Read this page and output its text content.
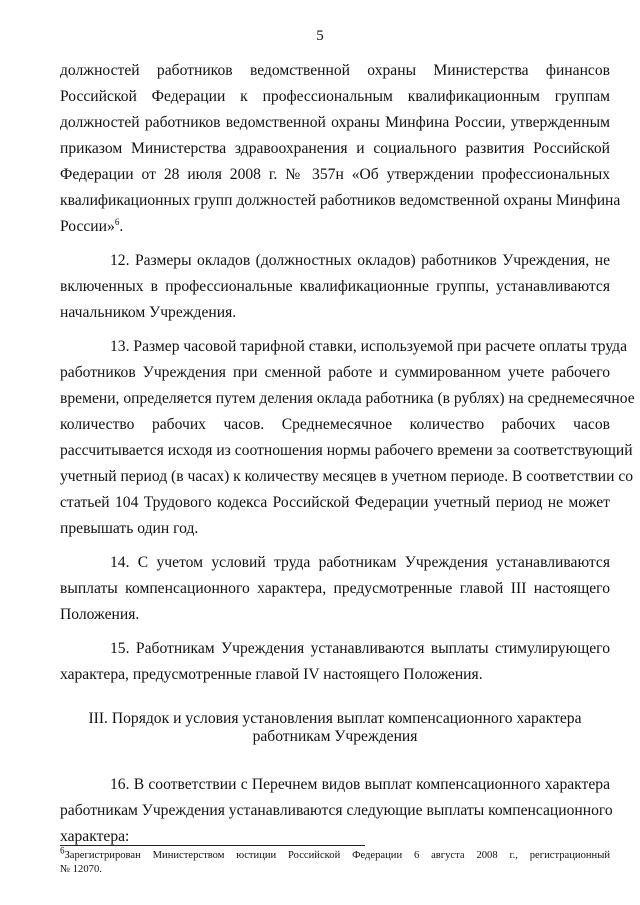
5

должностей работников ведомственной охраны Министерства финансов
Российской Федерации к профессиональным квалификационным группам
должностей работников ведомственной охраны Минфина России, утвержденным
приказом Министерства здравоохранения и социального развития Российской
Федерации от 28 июля 2008 г. № 357н «Об утверждении профессиональных
квалификационных групп должностей работников ведомственной охраны Минфина
России»$^6$.

12. Размеры окладов (должностных окладов) работников Учреждения, не
включенных в профессиональные квалификационные группы, устанавливаются
начальником Учреждения.

13. Размер часовой тарифной ставки, используемой при расчете оплаты труда
работников Учреждения при сменной работе и суммированном учете рабочего
времени, определяется путем деления оклада работника (в рублях) на среднемесячное
количество рабочих часов. Среднемесячное количество рабочих часов
рассчитывается исходя из соотношения нормы рабочего времени за соответствующий
учетный период (в часах) к количеству месяцев в учетном периоде. В соответствии со
статьей 104 Трудового кодекса Российской Федерации учетный период не может
превышать один год.

14. С учетом условий труда работникам Учреждения устанавливаются
выплаты компенсационного характера, предусмотренные главой III настоящего
Положения.

15. Работникам Учреждения устанавливаются выплаты стимулирующего
характера, предусмотренные главой IV настоящего Положения.

III. Порядок и условия установления выплат компенсационного характера
работникам Учреждения

16. В соответствии с Перечнем видов выплат компенсационного характера
работникам Учреждения устанавливаются следующие выплаты компенсационного
характера:

$^6$Зарегистрирован Министерством юстиции Российской Федерации 6 августа 2008 г., регистрационный
№ 12070.
